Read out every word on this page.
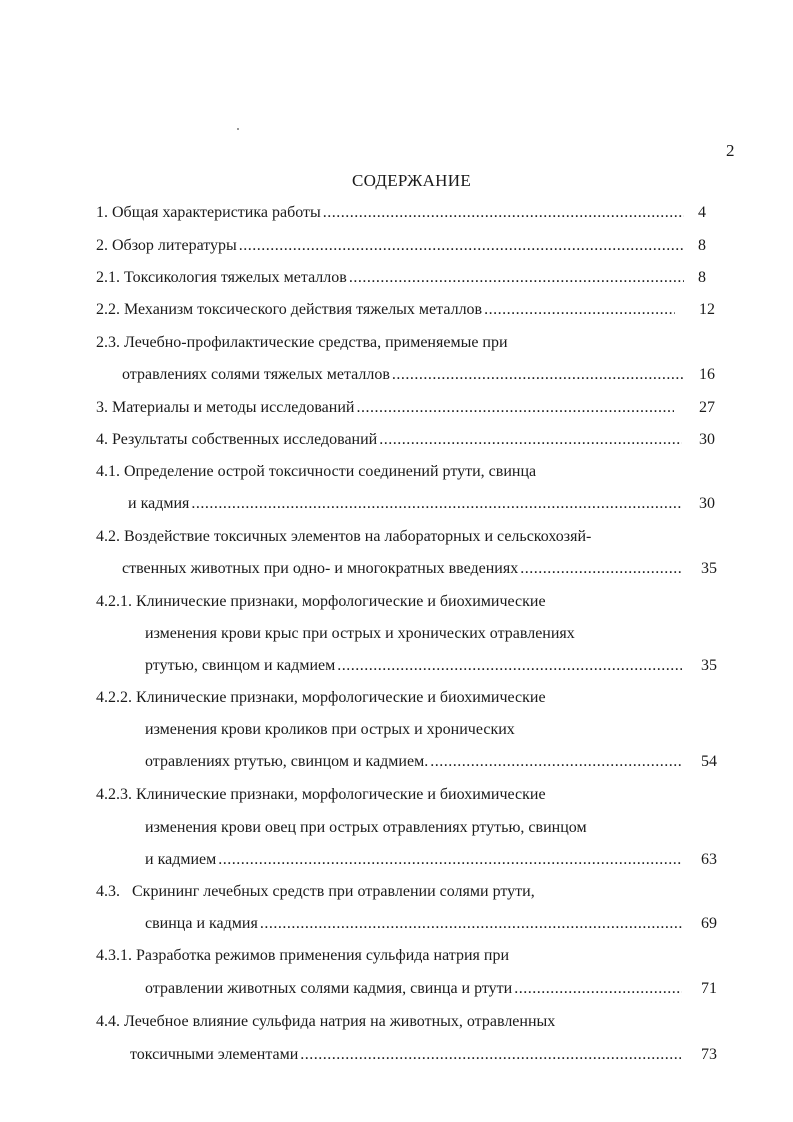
2
СОДЕРЖАНИЕ
1. Общая характеристика работы .....	4
2. Обзор литературы .....	8
2.1. Токсикология тяжелых металлов .....	8
2.2. Механизм токсического действия тяжелых металлов .....	12
2.3. Лечебно-профилактические средства, применяемые при
отравлениях солями тяжелых металлов .....	16
3. Материалы и методы исследований .....	27
4. Результаты собственных исследований .....	30
4.1. Определение острой токсичности соединений ртути, свинца
и кадмия .....	30
4.2. Воздействие токсичных элементов на лабораторных и сельскохозяй-
ственных животных при одно- и многократных введениях .....	35
4.2.1. Клинические признаки, морфологические и биохимические
изменения крови крыс при острых и хронических отравлениях
ртутью, свинцом и кадмием .....	35
4.2.2. Клинические признаки, морфологические и биохимические
изменения крови кроликов при острых и хронических
отравлениях ртутью, свинцом и кадмием. .....	54
4.2.3. Клинические признаки, морфологические и биохимические
изменения крови овец при острых отравлениях ртутью, свинцом
и кадмием .....	63
4.3.   Скрининг лечебных средств при отравлении солями ртути,
свинца и кадмия .....	69
4.3.1. Разработка режимов применения сульфида натрия при
отравлении животных солями кадмия, свинца и ртути .....	71
4.4. Лечебное влияние сульфида натрия на животных, отравленных
токсичными элементами .....	73
